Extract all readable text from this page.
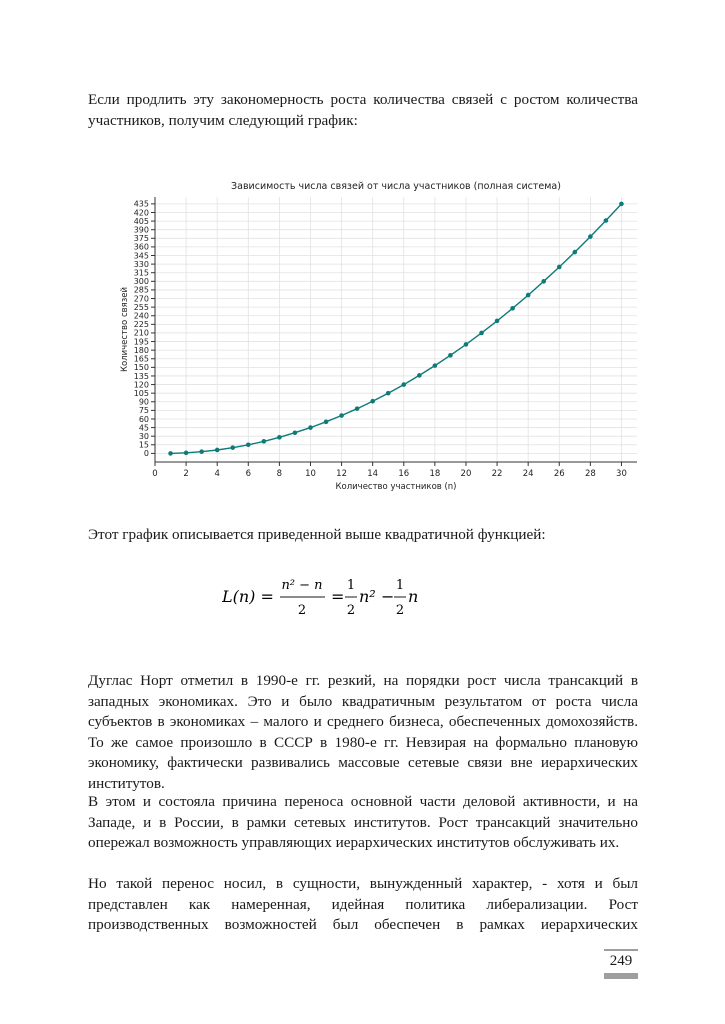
Если продлить эту закономерность роста количества связей с ростом количества участников, получим следующий график:

0	2	4	6	8	10 12 14 16 18 20 22 24 26 28 30
0
15
30
45
60
75
90
105
120
135
150
165
180
195
210
225
240
255
270
285
300
315
330
345
360
375
390
405
420
435
Зависимость числа связей от числа участников (полная система)
Количество участников (n)
Количество связей

Этот график описывается приведенной выше квадратичной функцией:

L(n) =
n² − n
2
=
1
2
n² −
1
2
n

Дуглас Норт отметил в 1990-е гг. резкий, на порядки рост числа трансакций в западных экономиках. Это и было квадратичным результатом от роста числа субъектов в экономиках – малого и среднего бизнеса, обеспеченных домохозяйств. То же самое произошло в СССР в 1980-е гг. Невзирая на формально плановую экономику, фактически развивались массовые сетевые связи вне иерархических институтов.

В этом и состояла причина переноса основной части деловой активности, и на Западе, и в России, в рамки сетевых институтов. Рост трансакций значительно опережал возможность управляющих иерархических институтов обслуживать их.

Но такой перенос носил, в сущности, вынужденный характер, - хотя и был представлен как намеренная, идейная политика либерализации. Рост производственных возможностей был обеспечен в рамках иерархических

249
